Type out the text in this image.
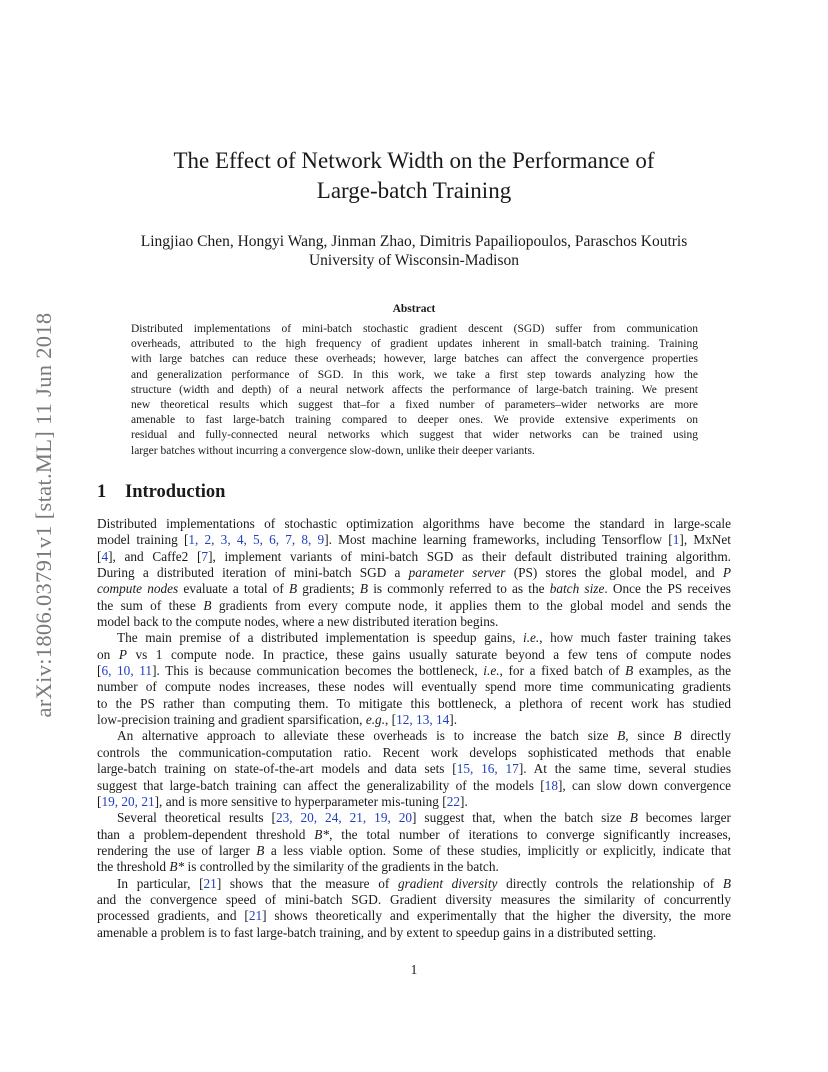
arXiv:1806.03791v1 [stat.ML] 11 Jun 2018
The Effect of Network Width on the Performance of
Large-batch Training
Lingjiao Chen, Hongyi Wang, Jinman Zhao, Dimitris Papailiopoulos, Paraschos Koutris
University of Wisconsin-Madison
Abstract
Distributed implementations of mini-batch stochastic gradient descent (SGD) suffer from communication
overheads, attributed to the high frequency of gradient updates inherent in small-batch training. Training
with large batches can reduce these overheads; however, large batches can affect the convergence properties
and generalization performance of SGD. In this work, we take a first step towards analyzing how the
structure (width and depth) of a neural network affects the performance of large-batch training. We present
new theoretical results which suggest that–for a fixed number of parameters–wider networks are more
amenable to fast large-batch training compared to deeper ones. We provide extensive experiments on
residual and fully-connected neural networks which suggest that wider networks can be trained using
larger batches without incurring a convergence slow-down, unlike their deeper variants.
1 Introduction
Distributed implementations of stochastic optimization algorithms have become the standard in large-scale
model training [1, 2, 3, 4, 5, 6, 7, 8, 9]. Most machine learning frameworks, including Tensorflow [1], MxNet
[4], and Caffe2 [7], implement variants of mini-batch SGD as their default distributed training algorithm.
During a distributed iteration of mini-batch SGD a parameter server (PS) stores the global model, and P
compute nodes evaluate a total of B gradients; B is commonly referred to as the batch size. Once the PS receives
the sum of these B gradients from every compute node, it applies them to the global model and sends the
model back to the compute nodes, where a new distributed iteration begins.
The main premise of a distributed implementation is speedup gains, i.e., how much faster training takes
on P vs 1 compute node. In practice, these gains usually saturate beyond a few tens of compute nodes
[6, 10, 11]. This is because communication becomes the bottleneck, i.e., for a fixed batch of B examples, as the
number of compute nodes increases, these nodes will eventually spend more time communicating gradients
to the PS rather than computing them. To mitigate this bottleneck, a plethora of recent work has studied
low-precision training and gradient sparsification, e.g., [12, 13, 14].
An alternative approach to alleviate these overheads is to increase the batch size B, since B directly
controls the communication-computation ratio. Recent work develops sophisticated methods that enable
large-batch training on state-of-the-art models and data sets [15, 16, 17]. At the same time, several studies
suggest that large-batch training can affect the generalizability of the models [18], can slow down convergence
[19, 20, 21], and is more sensitive to hyperparameter mis-tuning [22].
Several theoretical results [23, 20, 24, 21, 19, 20] suggest that, when the batch size B becomes larger
than a problem-dependent threshold B*, the total number of iterations to converge significantly increases,
rendering the use of larger B a less viable option. Some of these studies, implicitly or explicitly, indicate that
the threshold B* is controlled by the similarity of the gradients in the batch.
In particular, [21] shows that the measure of gradient diversity directly controls the relationship of B
and the convergence speed of mini-batch SGD. Gradient diversity measures the similarity of concurrently
processed gradients, and [21] shows theoretically and experimentally that the higher the diversity, the more
amenable a problem is to fast large-batch training, and by extent to speedup gains in a distributed setting.
1
